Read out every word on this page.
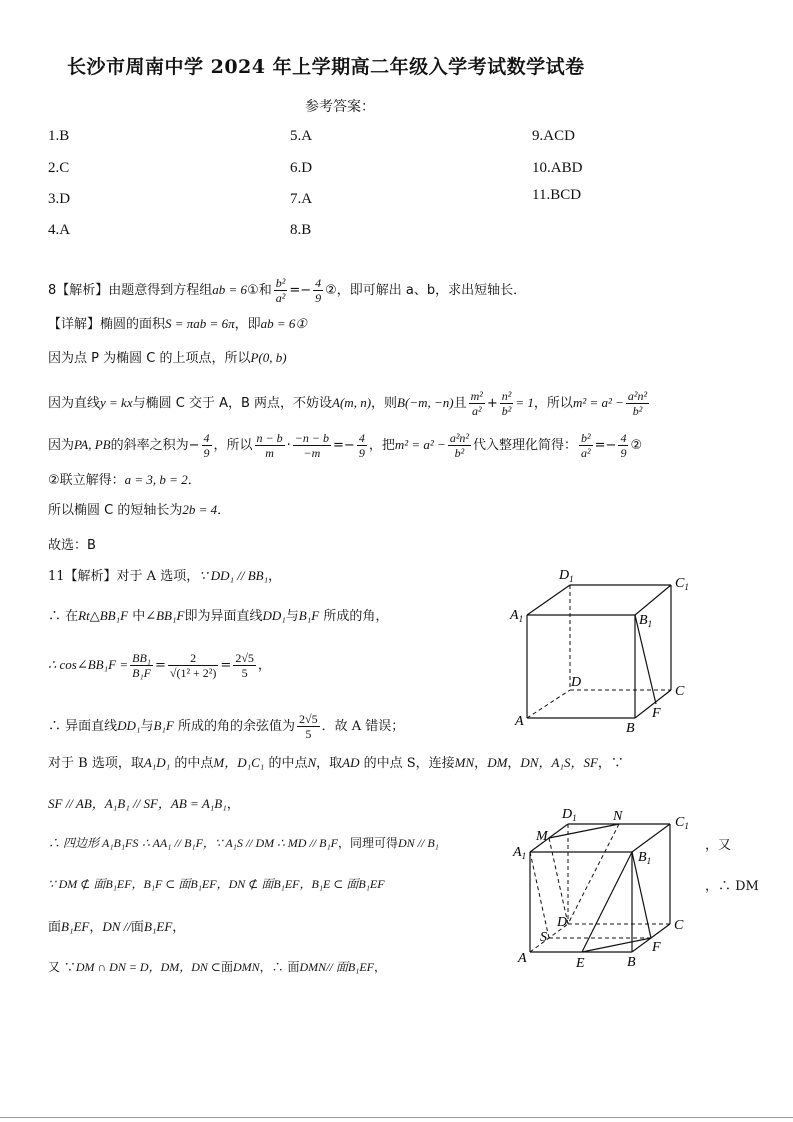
长沙市周南中学 2024 年上学期高二年级入学考试数学试卷
参考答案：
1.B
2.C
3.D
4.A
5.A
6.D
7.A
8.B
9.ACD
10.ABD
11.BCD
8【解析】由题意得到方程组ab = 6①和 $\frac{\text{b²}}{\text{a²}} =- \frac{4}{9}$ ②，即可解出 a、b，求出短轴长．
【详解】椭圆的面积S = πab = 6π，即ab = 6①
因为点 P 为椭圆 C 的上项点，所以P(0, b)
因为直线y = kx与椭圆 C 交于 A，B 两点，不妨设A(m, n)，则B(−m, −n)且 $\frac{\text{m²}}{\text{a²}} + \frac{\text{n²}}{\text{b²}} = 1$，所以$m^2 = a^2 - \frac{\text{a²n²}}{\text{b²}}$
因为PA, PB的斜率之积为− $\frac{4}{9}$ ，所以 $\frac{n - b}{m} \cdot \frac{-n - b}{-m} =- \frac{4}{9}$ ，把$m^2 = a^2 - \frac{\text{a²n²}}{\text{b²}}$ 代入整理化简得： $\frac{\text{b²}}{\text{a²}} =- \frac{4}{9}$ ②
②联立解得：a = 3, b = 2．
所以椭圆 C 的短轴长为2b = 4．
故选：B
11【解析】对于 A 选项，∵ DD₁ // BB₁，
∴ 在Rt△BB₁F 中∠BB₁F即为异面直线DD₁与B₁F 所成的角，
∴ cos∠BB₁F = $\frac{\text{BB₁}}{\text{B₁F}} = \frac{2}{\text{√(1² + 2²)}} = \frac{2√5}{5}$ ，
∴ 异面直线DD₁与B₁F 所成的角的余弦值为 $\frac{2√5}{5}$ ．故 A 错误；
对于 B 选项，取A₁D₁ 的中点M，D₁C₁ 的中点N，取AD 的中点 S，连接MN，DM，DN，A₁S，SF，∵
SF // AB，A₁B₁ // SF，AB = A₁B₁，
∴ 四边形 A₁B₁FS ∴ AA₁ // B₁F，∵ A₁S // DM ∴ MD // B₁F，同理可得DN // B₁	，又
∵ DM ⊄ 面B₁EF，B₁F ⊂ 面B₁EF，DN ⊄ 面B₁EF，B₁E ⊂ 面B₁EF	，∴ DM
面B₁EF，DN //面B₁EF，
又 ∵DM ∩ DN = D，DM，DN ⊂面DMN，∴ 面DMN// 面B₁EF，
$D_1$	$C_1$
$A_1$	$B_1$
D
C
A	B
F
$D_1$	N	$C_1$
M
$A_1$	$B_1$
D
S
C
A	E	B
F
